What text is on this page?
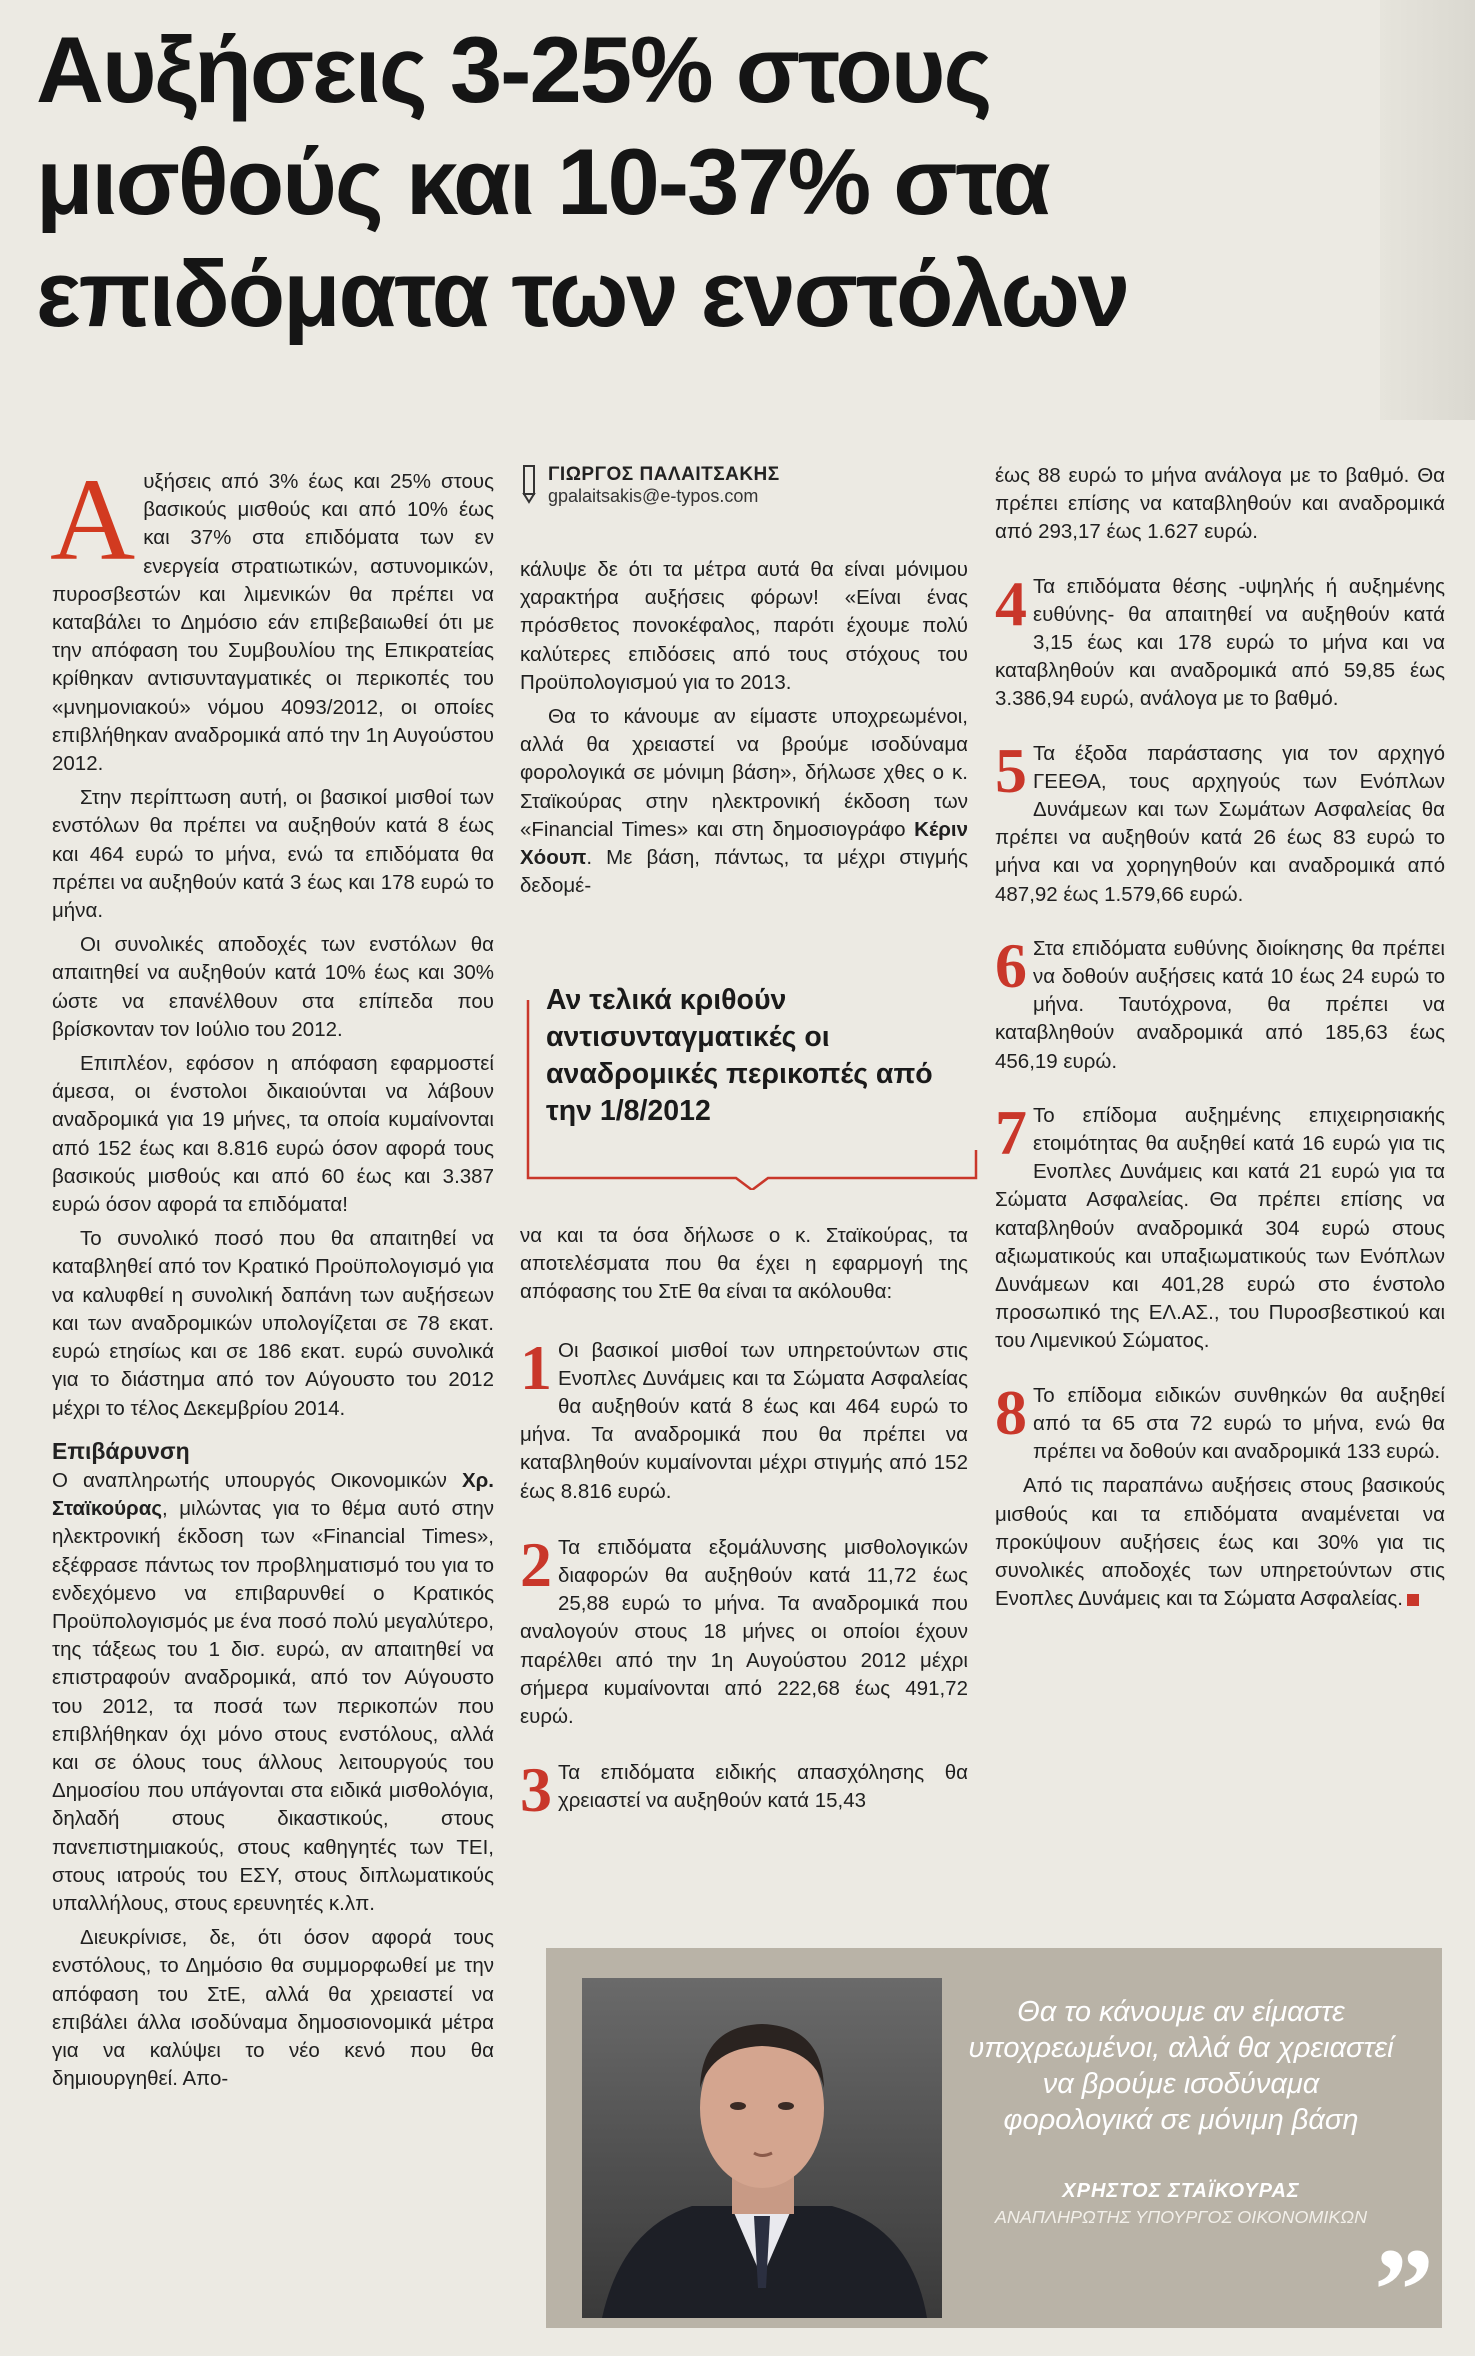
Αυξήσεις 3-25% στους
μισθούς και 10-37% στα
επιδόματα των ενστόλων

Αυξήσεις από 3% έως και 25% στους βασικούς μισθούς και από 10% έως και 37% στα επιδόματα των εν ενεργεία στρατιωτικών, αστυνομικών, πυροσβεστών και λιμενικών θα πρέπει να καταβάλει το Δημόσιο εάν επιβεβαιωθεί ότι με την απόφαση του Συμβουλίου της Επικρατείας κρίθηκαν αντισυνταγματικές οι περικοπές του «μνημονιακού» νόμου 4093/2012, οι οποίες επιβλήθηκαν αναδρομικά από την 1η Αυγούστου 2012.

Στην περίπτωση αυτή, οι βασικοί μισθοί των ενστόλων θα πρέπει να αυξηθούν κατά 8 έως και 464 ευρώ το μήνα, ενώ τα επιδόματα θα πρέπει να αυξηθούν κατά 3 έως και 178 ευρώ το μήνα.

Οι συνολικές αποδοχές των ενστόλων θα απαιτηθεί να αυξηθούν κατά 10% έως και 30% ώστε να επανέλθουν στα επίπεδα που βρίσκονταν τον Ιούλιο του 2012.

Επιπλέον, εφόσον η απόφαση εφαρμοστεί άμεσα, οι ένστολοι δικαιούνται να λάβουν αναδρομικά για 19 μήνες, τα οποία κυμαίνονται από 152 έως και 8.816 ευρώ όσον αφορά τους βασικούς μισθούς και από 60 έως και 3.387 ευρώ όσον αφορά τα επιδόματα!

Το συνολικό ποσό που θα απαιτηθεί να καταβληθεί από τον Κρατικό Προϋπολογισμό για να καλυφθεί η συνολική δαπάνη των αυξήσεων και των αναδρομικών υπολογίζεται σε 78 εκατ. ευρώ ετησίως και σε 186 εκατ. ευρώ συνολικά για το διάστημα από τον Αύγουστο του 2012 μέχρι το τέλος Δεκεμβρίου 2014.

Επιβάρυνση

Ο αναπληρωτής υπουργός Οικονομικών Χρ. Σταϊκούρας, μιλώντας για το θέμα αυτό στην ηλεκτρονική έκδοση των «Financial Times», εξέφρασε πάντως τον προβληματισμό του για το ενδεχόμενο να επιβαρυνθεί ο Κρατικός Προϋπολογισμός με ένα ποσό πολύ μεγαλύτερο, της τάξεως του 1 δισ. ευρώ, αν απαιτηθεί να επιστραφούν αναδρομικά, από τον Αύγουστο του 2012, τα ποσά των περικοπών που επιβλήθηκαν όχι μόνο στους ενστόλους, αλλά και σε όλους τους άλλους λειτουργούς του Δημοσίου που υπάγονται στα ειδικά μισθολόγια, δηλαδή στους δικαστικούς, στους πανεπιστημιακούς, στους καθηγητές των ΤΕΙ, στους ιατρούς του ΕΣΥ, στους διπλωματικούς υπαλλήλους, στους ερευνητές κ.λπ.

Διευκρίνισε, δε, ότι όσον αφορά τους ενστόλους, το Δημόσιο θα συμμορφωθεί με την απόφαση του ΣτΕ, αλλά θα χρειαστεί να επιβάλει άλλα ισοδύναμα δημοσιονομικά μέτρα για να καλύψει το νέο κενό που θα δημιουργηθεί. Απο-

ΓΙΩΡΓΟΣ ΠΑΛΑΙΤΣΑΚΗΣ
gpalaitsakis@e-typos.com

κάλυψε δε ότι τα μέτρα αυτά θα είναι μόνιμου χαρακτήρα αυξήσεις φόρων! «Είναι ένας πρόσθετος πονοκέφαλος, παρότι έχουμε πολύ καλύτερες επιδόσεις από τους στόχους του Προϋπολογισμού για το 2013.

Θα το κάνουμε αν είμαστε υποχρεωμένοι, αλλά θα χρειαστεί να βρούμε ισοδύναμα φορολογικά σε μόνιμη βάση», δήλωσε χθες ο κ. Σταϊκούρας στην ηλεκτρονική έκδοση των «Financial Times» και στη δημοσιογράφο Κέριν Χόουπ. Με βάση, πάντως, τα μέχρι στιγμής δεδομέ-

Αν τελικά κριθούν αντισυνταγματικές οι αναδρομικές περικοπές από την 1/8/2012

να και τα όσα δήλωσε ο κ. Σταϊκούρας, τα αποτελέσματα που θα έχει η εφαρμογή της απόφασης του ΣτΕ θα είναι τα ακόλουθα:

1 Οι βασικοί μισθοί των υπηρετούντων στις Ενοπλες Δυνάμεις και τα Σώματα Ασφαλείας θα αυξηθούν κατά 8 έως και 464 ευρώ το μήνα. Τα αναδρομικά που θα πρέπει να καταβληθούν κυμαίνονται μέχρι στιγμής από 152 έως 8.816 ευρώ.

2 Τα επιδόματα εξομάλυνσης μισθολογικών διαφορών θα αυξηθούν κατά 11,72 έως 25,88 ευρώ το μήνα. Τα αναδρομικά που αναλογούν στους 18 μήνες οι οποίοι έχουν παρέλθει από την 1η Αυγούστου 2012 μέχρι σήμερα κυμαίνονται από 222,68 έως 491,72 ευρώ.

3 Τα επιδόματα ειδικής απασχόλησης θα χρειαστεί να αυξηθούν κατά 15,43

έως 88 ευρώ το μήνα ανάλογα με το βαθμό. Θα πρέπει επίσης να καταβληθούν και αναδρομικά από 293,17 έως 1.627 ευρώ.

4 Τα επιδόματα θέσης -υψηλής ή αυξημένης ευθύνης- θα απαιτηθεί να αυξηθούν κατά 3,15 έως και 178 ευρώ το μήνα και να καταβληθούν και αναδρομικά από 59,85 έως 3.386,94 ευρώ, ανάλογα με το βαθμό.

5 Τα έξοδα παράστασης για τον αρχηγό ΓΕΕΘΑ, τους αρχηγούς των Ενόπλων Δυνάμεων και των Σωμάτων Ασφαλείας θα πρέπει να αυξηθούν κατά 26 έως 83 ευρώ το μήνα και να χορηγηθούν και αναδρομικά από 487,92 έως 1.579,66 ευρώ.

6 Στα επιδόματα ευθύνης διοίκησης θα πρέπει να δοθούν αυξήσεις κατά 10 έως 24 ευρώ το μήνα. Ταυτόχρονα, θα πρέπει να καταβληθούν αναδρομικά από 185,63 έως 456,19 ευρώ.

7 Το επίδομα αυξημένης επιχειρησιακής ετοιμότητας θα αυξηθεί κατά 16 ευρώ για τις Ενοπλες Δυνάμεις και κατά 21 ευρώ για τα Σώματα Ασφαλείας. Θα πρέπει επίσης να καταβληθούν αναδρομικά 304 ευρώ στους αξιωματικούς και υπαξιωματικούς των Ενόπλων Δυνάμεων και 401,28 ευρώ στο ένστολο προσωπικό της ΕΛ.ΑΣ., του Πυροσβεστικού και του Λιμενικού Σώματος.

8 Το επίδομα ειδικών συνθηκών θα αυξηθεί από τα 65 στα 72 ευρώ το μήνα, ενώ θα πρέπει να δοθούν και αναδρομικά 133 ευρώ.

Από τις παραπάνω αυξήσεις στους βασικούς μισθούς και τα επιδόματα αναμένεται να προκύψουν αυξήσεις έως και 30% για τις συνολικές αποδοχές των υπηρετούντων στις Ενοπλες Δυνάμεις και τα Σώματα Ασφαλείας.

Θα το κάνουμε αν είμαστε υποχρεωμένοι, αλλά θα χρειαστεί να βρούμε ισοδύναμα φορολογικά σε μόνιμη βάση
ΧΡΗΣΤΟΣ ΣΤΑΪΚΟΥΡΑΣ
ΑΝΑΠΛΗΡΩΤΗΣ ΥΠΟΥΡΓΟΣ ΟΙΚΟΝΟΜΙΚΩΝ
”
